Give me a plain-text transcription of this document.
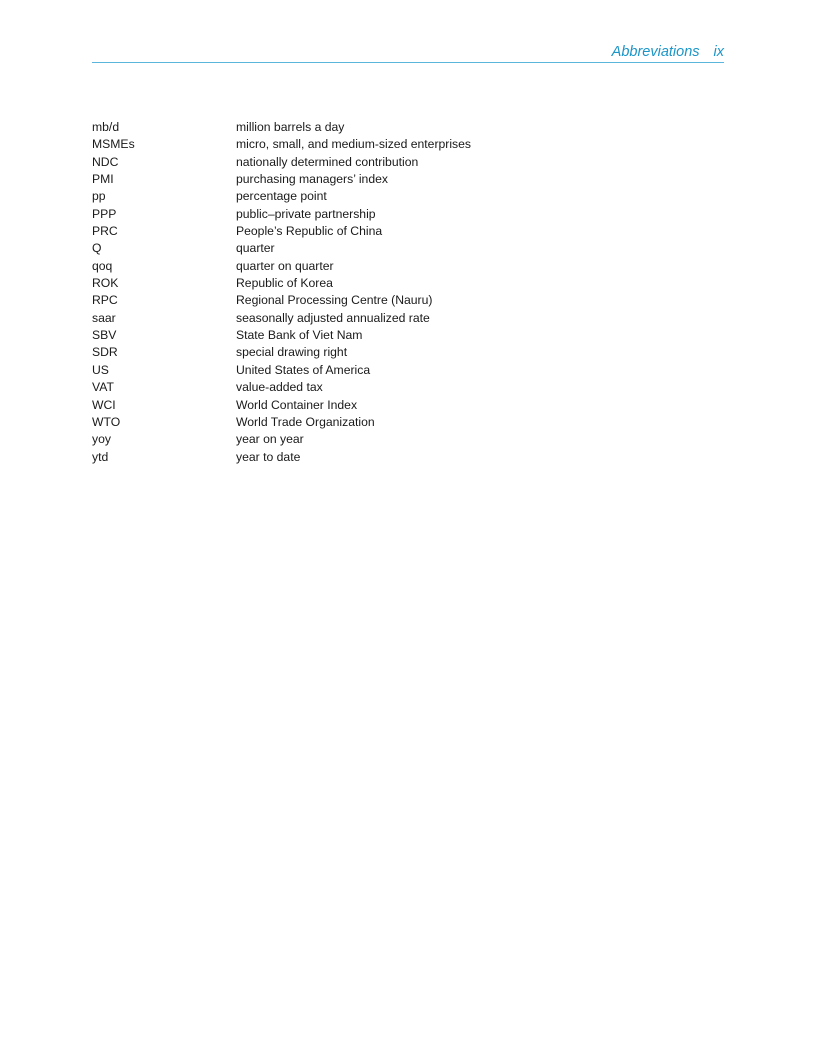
Abbreviations ix
mb/d	million barrels a day
MSMEs	micro, small, and medium-sized enterprises
NDC	nationally determined contribution
PMI	purchasing managers’ index
pp	percentage point
PPP	public–private partnership
PRC	People’s Republic of China
Q	quarter
qoq	quarter on quarter
ROK	Republic of Korea
RPC	Regional Processing Centre (Nauru)
saar	seasonally adjusted annualized rate
SBV	State Bank of Viet Nam
SDR	special drawing right
US	United States of America
VAT	value-added tax
WCI	World Container Index
WTO	World Trade Organization
yoy	year on year
ytd	year to date
